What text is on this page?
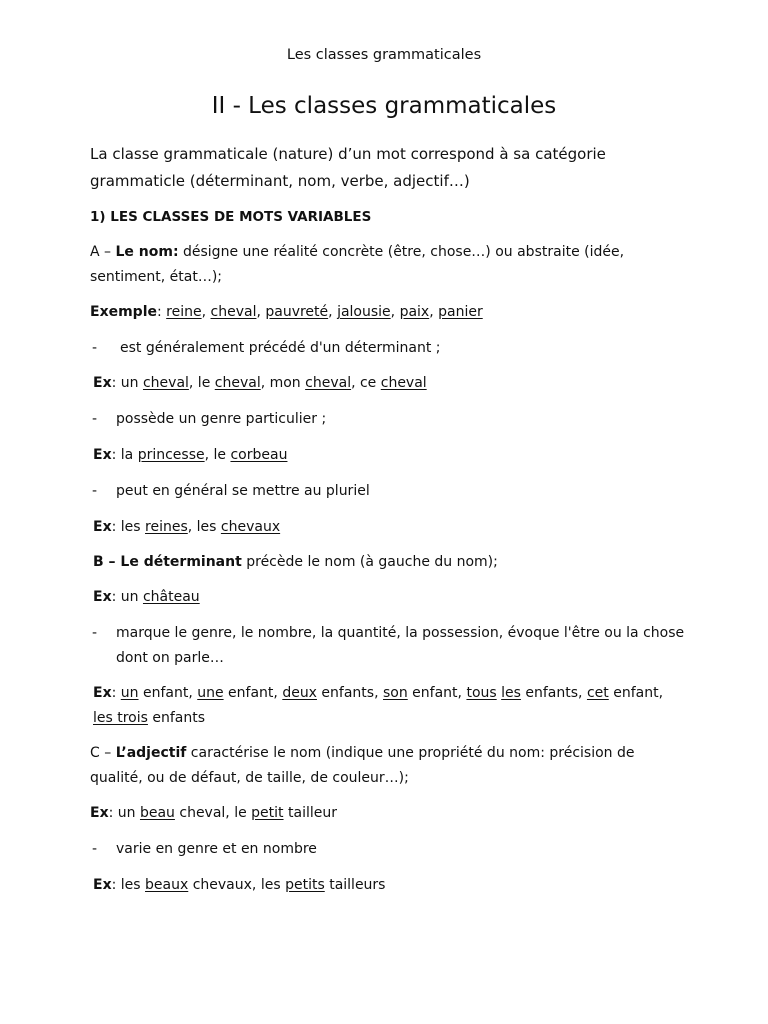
Les classes grammaticales
II - Les classes grammaticales
La classe grammaticale (nature) d’un mot correspond à sa catégorie
grammaticle (déterminant, nom, verbe, adjectif…)
1) LES CLASSES DE MOTS VARIABLES
A – Le nom: désigne une réalité concrète (être, chose…) ou abstraite (idée,
sentiment, état…);
Exemple: reine, cheval, pauvreté, jalousie, paix, panier
- est généralement précédé d'un déterminant ;
Ex: un cheval, le cheval, mon cheval, ce cheval
- possède un genre particulier ;
Ex: la princesse, le corbeau
- peut en général se mettre au pluriel
Ex: les reines, les chevaux
B – Le déterminant précède le nom (à gauche du nom);
Ex: un château
- marque le genre, le nombre, la quantité, la possession, évoque l'être ou la chose
dont on parle…
Ex: un enfant, une enfant, deux enfants, son enfant, tous les enfants, cet enfant,
les trois enfants
C – L’adjectif caractérise le nom (indique une propriété du nom: précision de
qualité, ou de défaut, de taille, de couleur…);
Ex: un beau cheval, le petit tailleur
- varie en genre et en nombre
Ex: les beaux chevaux, les petits tailleurs
